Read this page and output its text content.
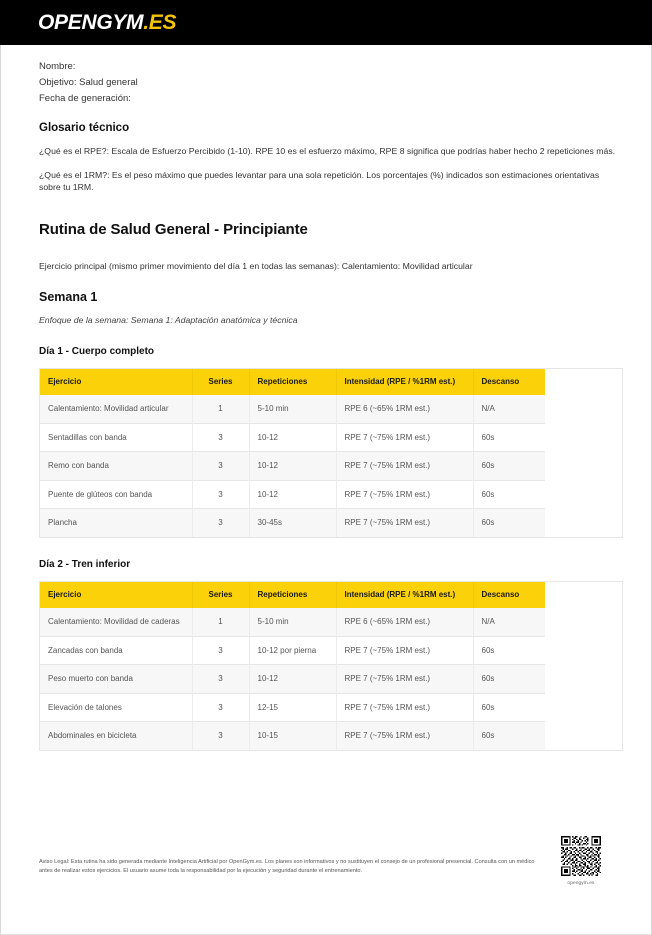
OPENGYM.ES
Nombre:
Objetivo: Salud general
Fecha de generación:
Glosario técnico

¿Qué es el RPE?: Escala de Esfuerzo Percibido (1-10). RPE 10 es el esfuerzo máximo, RPE 8 significa que podrías haber hecho 2 repeticiones más.

¿Qué es el 1RM?: Es el peso máximo que puedes levantar para una sola repetición. Los porcentajes (%) indicados son estimaciones orientativas sobre tu 1RM.

Rutina de Salud General - Principiante

Ejercicio principal (mismo primer movimiento del día 1 en todas las semanas): Calentamiento: Movilidad articular

Semana 1

Enfoque de la semana: Semana 1: Adaptación anatómica y técnica

Día 1 - Cuerpo completo
Ejercicio	Series	Repeticiones	Intensidad (RPE / %1RM est.)	Descanso
Calentamiento: Movilidad articular	1	5-10 min	RPE 6 (~65% 1RM est.)	N/A
Sentadillas con banda	3	10-12	RPE 7 (~75% 1RM est.)	60s
Remo con banda	3	10-12	RPE 7 (~75% 1RM est.)	60s
Puente de glúteos con banda	3	10-12	RPE 7 (~75% 1RM est.)	60s
Plancha	3	30-45s	RPE 7 (~75% 1RM est.)	60s
Día 2 - Tren inferior
Ejercicio	Series	Repeticiones	Intensidad (RPE / %1RM est.)	Descanso
Calentamiento: Movilidad de caderas	1	5-10 min	RPE 6 (~65% 1RM est.)	N/A
Zancadas con banda	3	10-12 por pierna	RPE 7 (~75% 1RM est.)	60s
Peso muerto con banda	3	10-12	RPE 7 (~75% 1RM est.)	60s
Elevación de talones	3	12-15	RPE 7 (~75% 1RM est.)	60s
Abdominales en bicicleta	3	10-15	RPE 7 (~75% 1RM est.)	60s
Aviso Legal: Esta rutina ha sido generada mediante Inteligencia Artificial por OpenGym.es. Los planes son informativos y no sustituyen el consejo de un profesional presencial. Consulta con un médico antes de realizar estos ejercicios. El usuario asume toda la responsabilidad por la ejecución y seguridad durante el entrenamiento.
opengym.es
